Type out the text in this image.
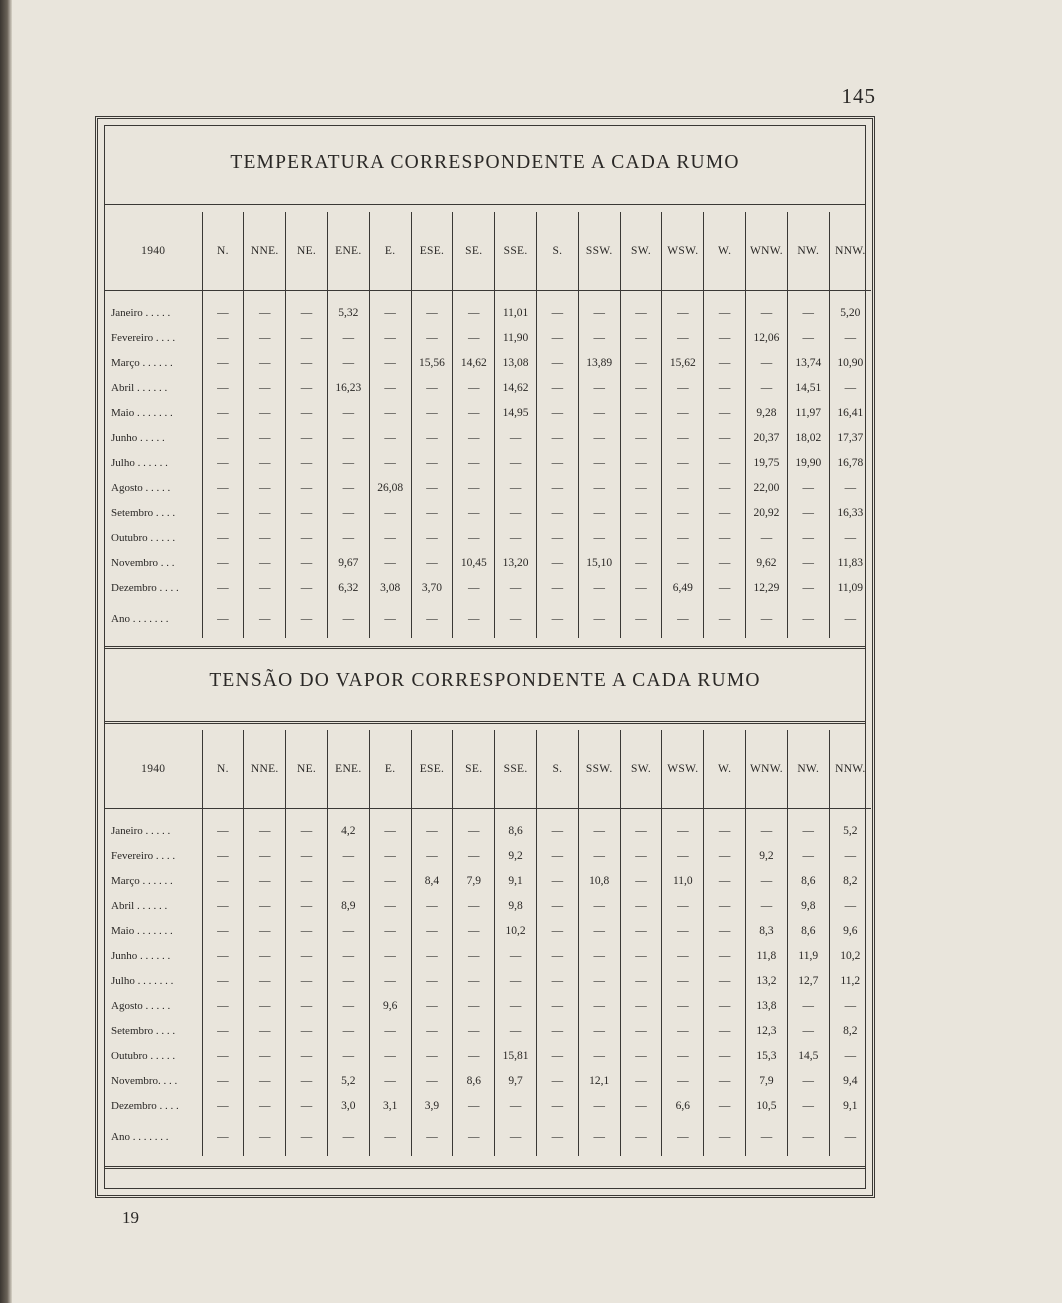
145
TEMPERATURA CORRESPONDENTE A CADA RUMO
1940	N.	NNE.	NE.	ENE.	E.	ESE.	SE.	SSE.	S.	SSW.	SW.	WSW.	W.	WNW.	NW.	NNW.

Janeiro . . . . .	—	—	—	5,32	—	—	—	11,01	—	—	—	—	—	—	—	5,20
Fevereiro . . . .	—	—	—	—	—	—	—	11,90	—	—	—	—	—	12,06	—	—
Março . . . . . .	—	—	—	—	—	15,56	14,62	13,08	—	13,89	—	15,62	—	—	13,74	10,90
Abril . . . . . .	—	—	—	16,23	—	—	—	14,62	—	—	—	—	—	—	14,51	—
Maio . . . . . . .	—	—	—	—	—	—	—	14,95	—	—	—	—	—	9,28	11,97	16,41
Junho . . . . .	—	—	—	—	—	—	—	—	—	—	—	—	—	20,37	18,02	17,37
Julho . . . . . .	—	—	—	—	—	—	—	—	—	—	—	—	—	19,75	19,90	16,78
Agosto . . . . .	—	—	—	—	26,08	—	—	—	—	—	—	—	—	22,00	—	—
Setembro . . . .	—	—	—	—	—	—	—	—	—	—	—	—	—	20,92	—	16,33
Outubro . . . . .	—	—	—	—	—	—	—	—	—	—	—	—	—	—	—	—
Novembro . . .	—	—	—	9,67	—	—	10,45	13,20	—	15,10	—	—	—	9,62	—	11,83
Dezembro . . . .	—	—	—	6,32	3,08	3,70	—	—	—	—	—	6,49	—	12,29	—	11,09
Ano . . . . . . .	—	—	—	—	—	—	—	—	—	—	—	—	—	—	—	—
TENSÃO DO VAPOR CORRESPONDENTE A CADA RUMO
1940	N.	NNE.	NE.	ENE.	E.	ESE.	SE.	SSE.	S.	SSW.	SW.	WSW.	W.	WNW.	NW.	NNW.

Janeiro . . . . .	—	—	—	4,2	—	—	—	8,6	—	—	—	—	—	—	—	5,2
Fevereiro . . . .	—	—	—	—	—	—	—	9,2	—	—	—	—	—	9,2	—	—
Março . . . . . .	—	—	—	—	—	8,4	7,9	9,1	—	10,8	—	11,0	—	—	8,6	8,2
Abril . . . . . .	—	—	—	8,9	—	—	—	9,8	—	—	—	—	—	—	9,8	—
Maio . . . . . . .	—	—	—	—	—	—	—	10,2	—	—	—	—	—	8,3	8,6	9,6
Junho . . . . . .	—	—	—	—	—	—	—	—	—	—	—	—	—	11,8	11,9	10,2
Julho . . . . . . .	—	—	—	—	—	—	—	—	—	—	—	—	—	13,2	12,7	11,2
Agosto . . . . .	—	—	—	—	9,6	—	—	—	—	—	—	—	—	13,8	—	—
Setembro . . . .	—	—	—	—	—	—	—	—	—	—	—	—	—	12,3	—	8,2
Outubro . . . . .	—	—	—	—	—	—	—	15,81	—	—	—	—	—	15,3	14,5	—
Novembro. . . .	—	—	—	5,2	—	—	8,6	9,7	—	12,1	—	—	—	7,9	—	9,4
Dezembro . . . .	—	—	—	3,0	3,1	3,9	—	—	—	—	—	6,6	—	10,5	—	9,1
Ano . . . . . . .	—	—	—	—	—	—	—	—	—	—	—	—	—	—	—	—
19
